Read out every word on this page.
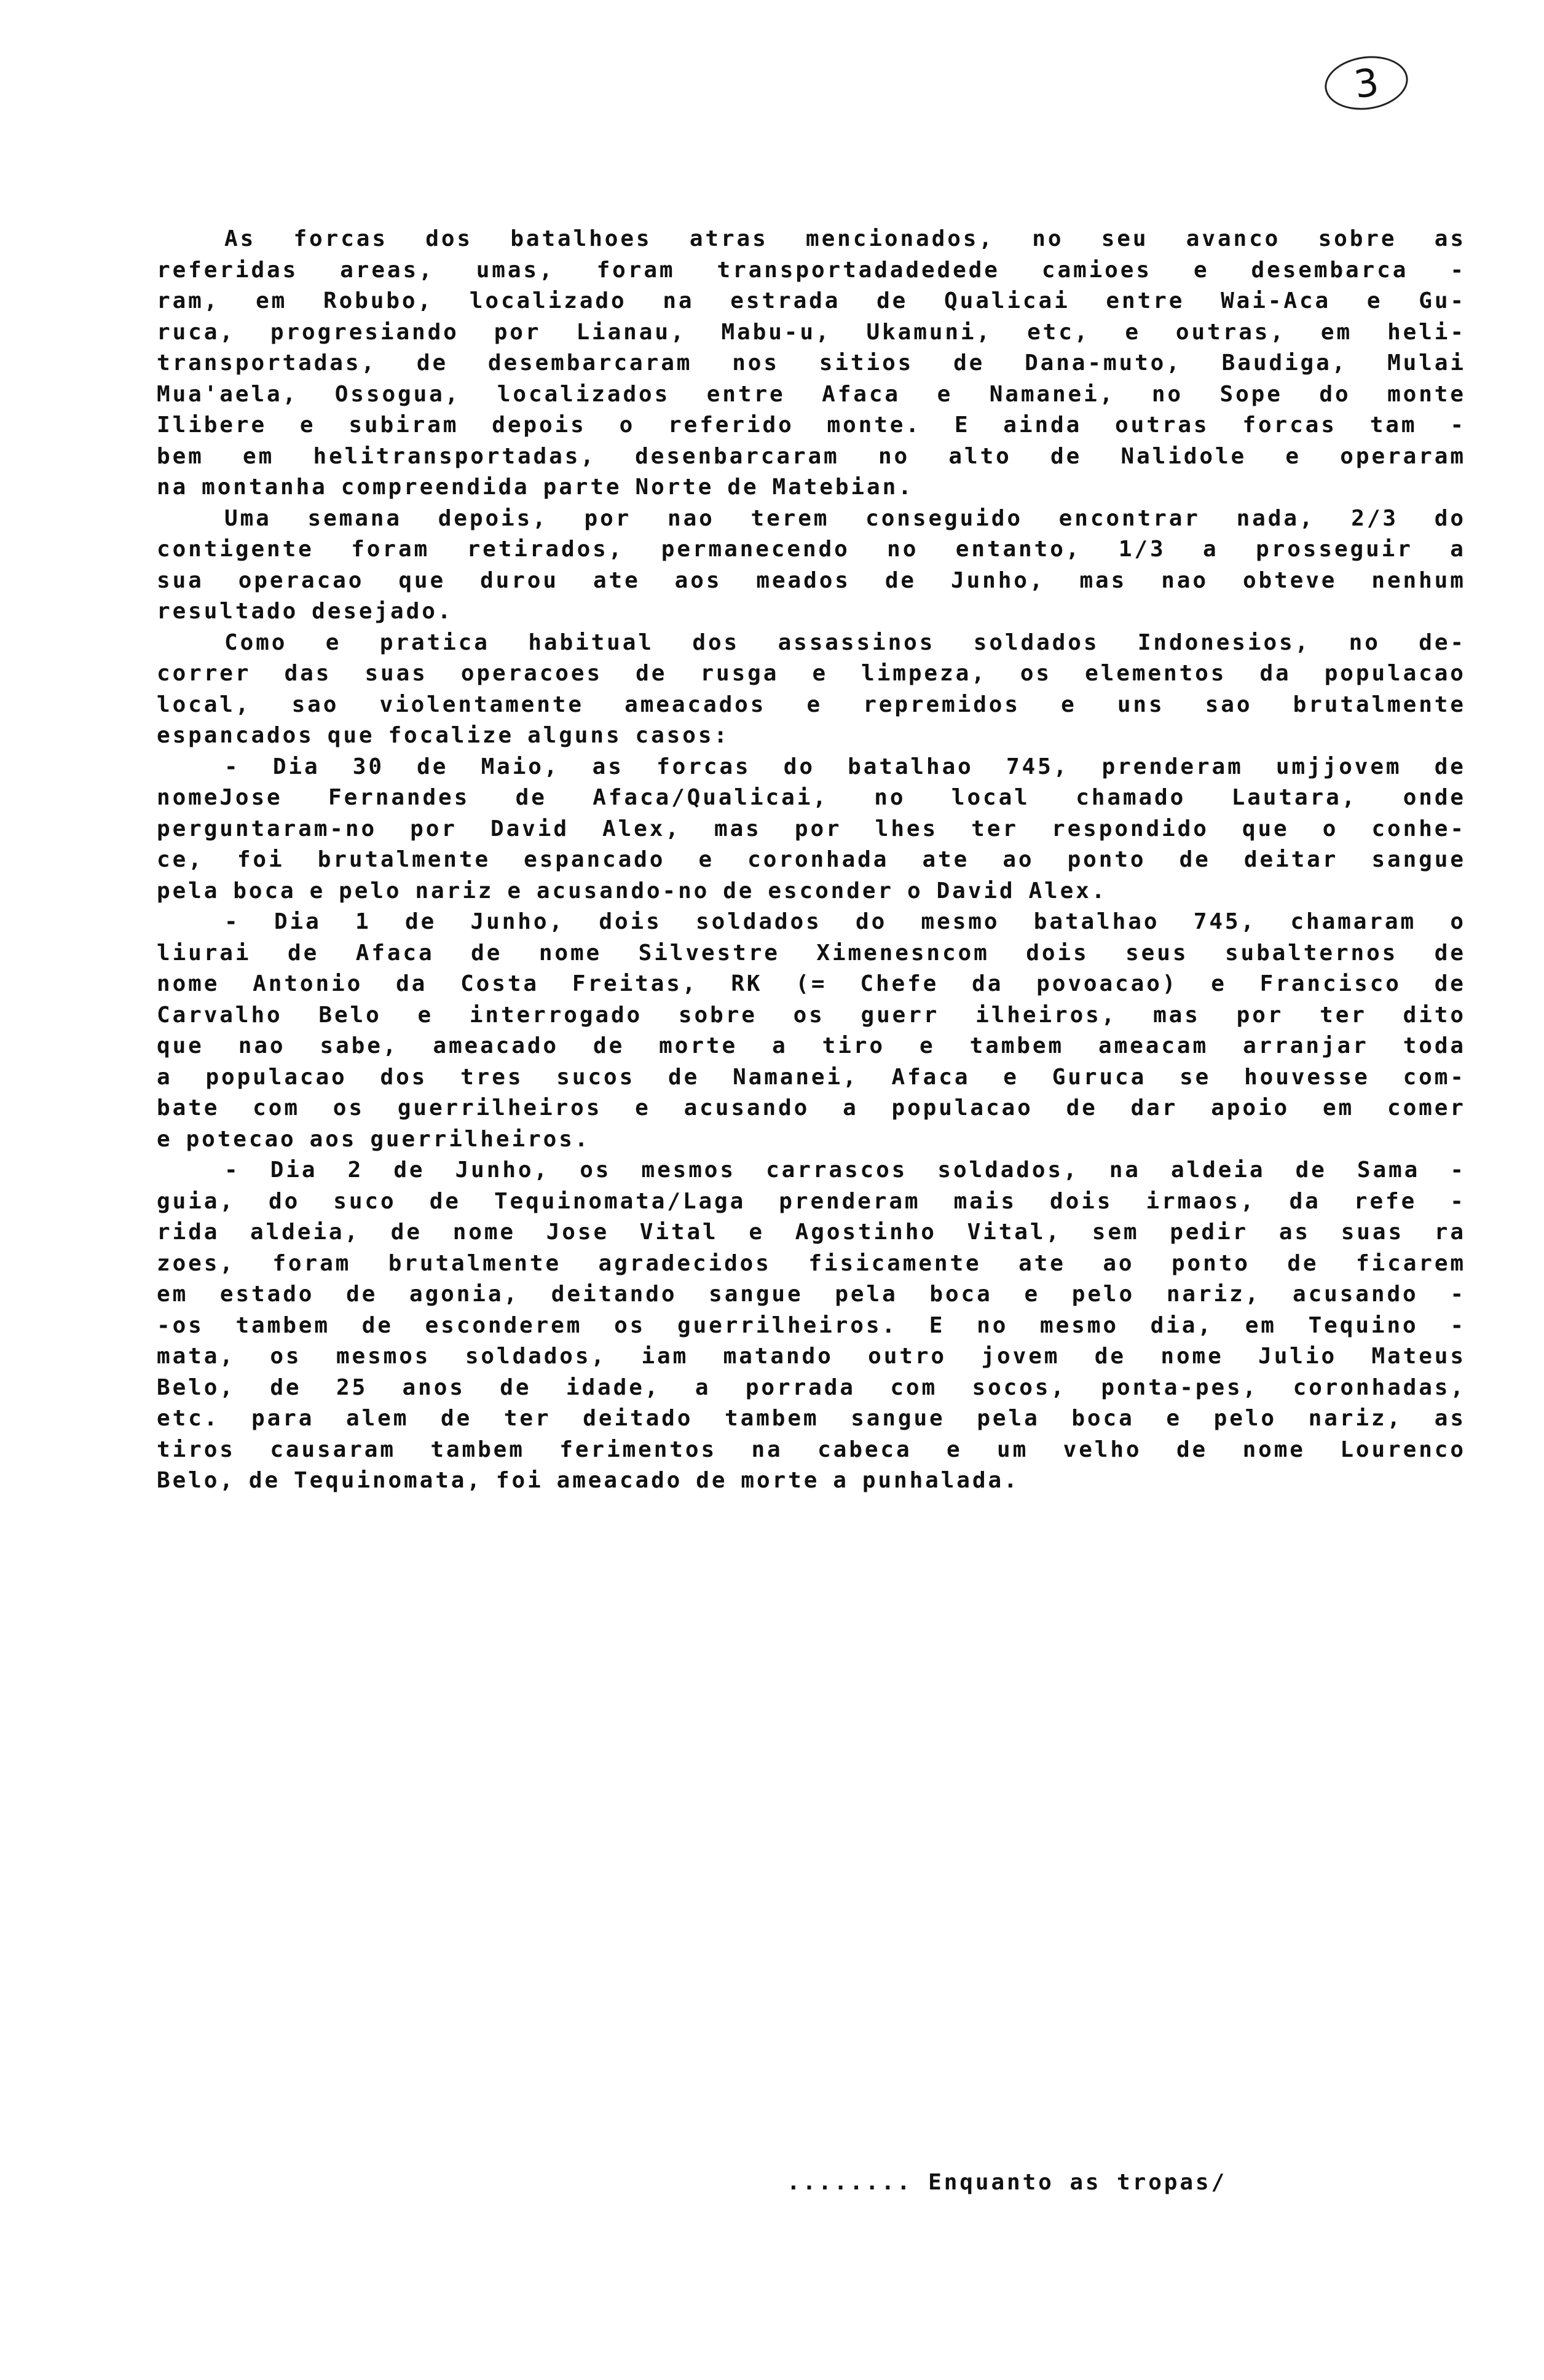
3
As forcas dos batalhoes atras mencionados, no seu avanco sobre as
referidas areas, umas, foram transportadadedede camioes e desembarca -
ram, em Robubo, localizado na estrada de Qualicai entre Wai-Aca e Gu-
ruca, progresiando por Lianau, Mabu-u, Ukamuni, etc, e outras, em heli-
transportadas, de desembarcaram nos sitios de Dana-muto, Baudiga, Mulai
Mua'aela, Ossogua, localizados entre Afaca e Namanei, no Sope do monte
Ilibere e subiram depois o referido monte. E ainda outras forcas tam -
bem em helitransportadas, desenbarcaram no alto de Nalidole e operaram
na montanha compreendida parte Norte de Matebian.
Uma semana depois, por nao terem conseguido encontrar nada, 2/3 do
contigente foram retirados, permanecendo no entanto, 1/3 a prosseguir a
sua operacao que durou ate aos meados de Junho, mas nao obteve nenhum
resultado desejado.
Como e pratica habitual dos assassinos soldados Indonesios, no de-
correr das suas operacoes de rusga e limpeza, os elementos da populacao
local, sao violentamente ameacados e repremidos e uns sao brutalmente
espancados que focalize alguns casos:
- Dia 30 de Maio, as forcas do batalhao 745, prenderam umjjovem de
nomeJose Fernandes de Afaca/Qualicai, no local chamado Lautara, onde
perguntaram-no por David Alex, mas por lhes ter respondido que o conhe-
ce, foi brutalmente espancado e coronhada ate ao ponto de deitar sangue
pela boca e pelo nariz e acusando-no de esconder o David Alex.
- Dia 1 de Junho, dois soldados do mesmo batalhao 745, chamaram o
liurai de Afaca de nome Silvestre Ximenesncom dois seus subalternos de
nome Antonio da Costa Freitas, RK (= Chefe da povoacao) e Francisco de
Carvalho Belo e interrogado sobre os guerr ilheiros, mas por ter dito
que nao sabe, ameacado de morte a tiro e tambem ameacam arranjar toda
a populacao dos tres sucos de Namanei, Afaca e Guruca se houvesse com-
bate com os guerrilheiros e acusando a populacao de dar apoio em comer
e potecao aos guerrilheiros.
- Dia 2 de Junho, os mesmos carrascos soldados, na aldeia de Sama -
guia, do suco de Tequinomata/Laga prenderam mais dois irmaos, da refe -
rida aldeia, de nome Jose Vital e Agostinho Vital, sem pedir as suas ra
zoes, foram brutalmente agradecidos fisicamente ate ao ponto de ficarem
em estado de agonia, deitando sangue pela boca e pelo nariz, acusando -
-os tambem de esconderem os guerrilheiros. E no mesmo dia, em Tequino -
mata, os mesmos soldados, iam matando outro jovem de nome Julio Mateus
Belo, de 25 anos de idade, a porrada com socos, ponta-pes, coronhadas,
etc. para alem de ter deitado tambem sangue pela boca e pelo nariz, as
tiros causaram tambem ferimentos na cabeca e um velho de nome Lourenco
Belo, de Tequinomata, foi ameacado de morte a punhalada.
........ Enquanto as tropas/
